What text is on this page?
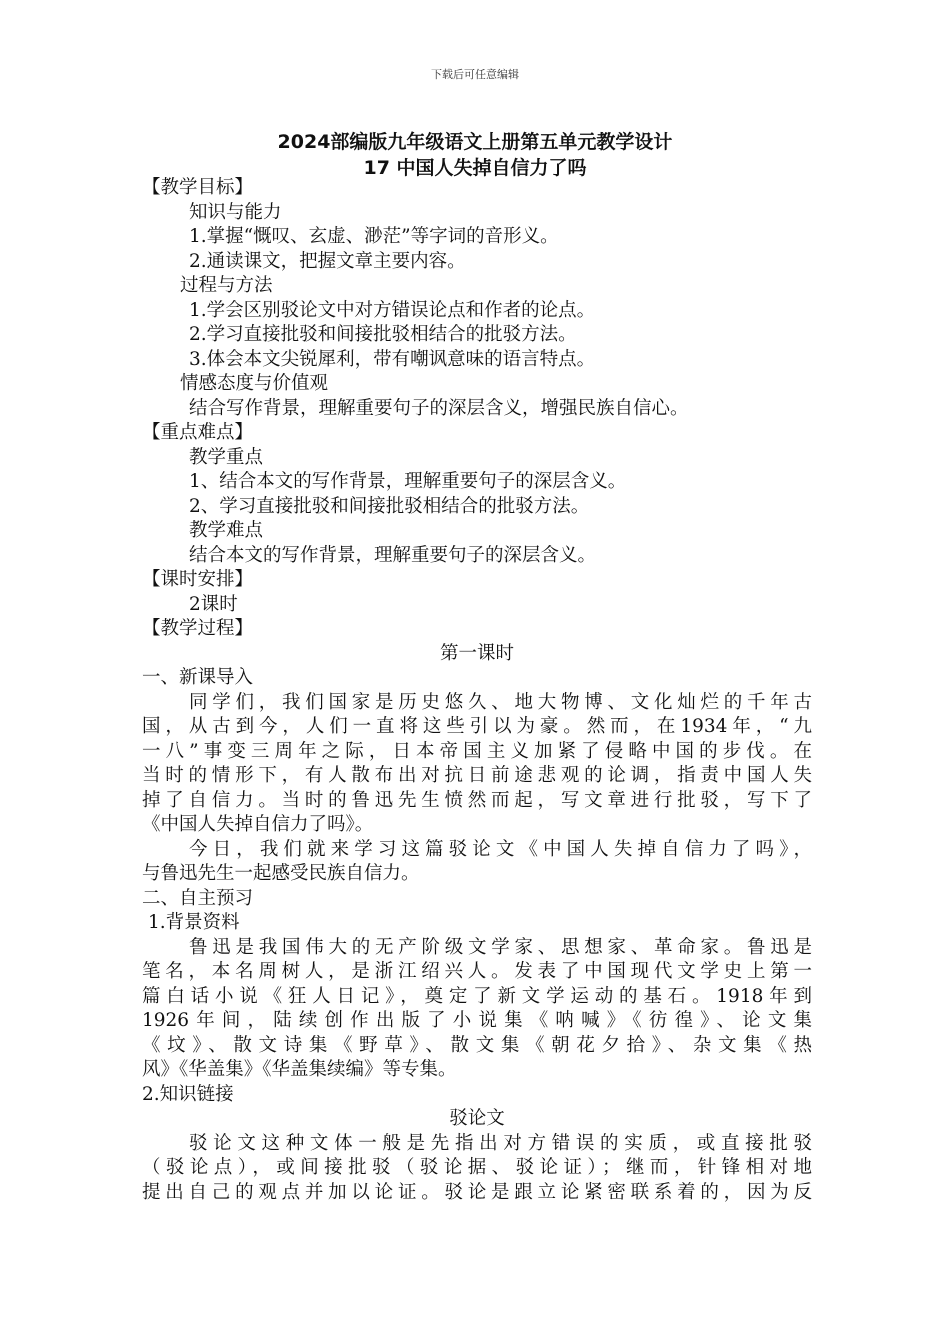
下载后可任意编辑
2024部编版九年级语文上册第五单元教学设计
17 中国人失掉自信力了吗
【教学目标】
知识与能力
1.掌握“慨叹、玄虚、渺茫”等字词的音形义。
2.通读课文，把握文章主要内容。
过程与方法
1.学会区别驳论文中对方错误论点和作者的论点。
2.学习直接批驳和间接批驳相结合的批驳方法。
3.体会本文尖锐犀利，带有嘲讽意味的语言特点。
情感态度与价值观
结合写作背景，理解重要句子的深层含义，增强民族自信心。
【重点难点】
教学重点
1、结合本文的写作背景，理解重要句子的深层含义。
2、学习直接批驳和间接批驳相结合的批驳方法。
教学难点
结合本文的写作背景，理解重要句子的深层含义。
【课时安排】
2课时
【教学过程】
第一课时
一、新课导入
同学们，我们国家是历史悠久、地大物博、文化灿烂的千年古
国，从古到今，人们一直将这些引以为豪。然而，在1934年，“九
一八”事变三周年之际，日本帝国主义加紧了侵略中国的步伐。在
当时的情形下，有人散布出对抗日前途悲观的论调，指责中国人失
掉了自信力。当时的鲁迅先生愤然而起，写文章进行批驳，写下了
《中国人失掉自信力了吗》。
今日，我们就来学习这篇驳论文《中国人失掉自信力了吗》，
与鲁迅先生一起感受民族自信力。
二、自主预习
1.背景资料
鲁迅是我国伟大的无产阶级文学家、思想家、革命家。鲁迅是
笔名，本名周树人，是浙江绍兴人。发表了中国现代文学史上第一
篇白话小说《狂人日记》，奠定了新文学运动的基石。1918年到
1926年间，陆续创作出版了小说集《呐喊》《彷徨》、论文集
《坟》、散文诗集《野草》、散文集《朝花夕拾》、杂文集《热
风》《华盖集》《华盖集续编》等专集。
2.知识链接
驳论文
驳论文这种文体一般是先指出对方错误的实质，或直接批驳
（驳论点），或间接批驳（驳论据、驳论证）；继而，针锋相对地
提出自己的观点并加以论证。驳论是跟立论紧密联系着的，因为反
